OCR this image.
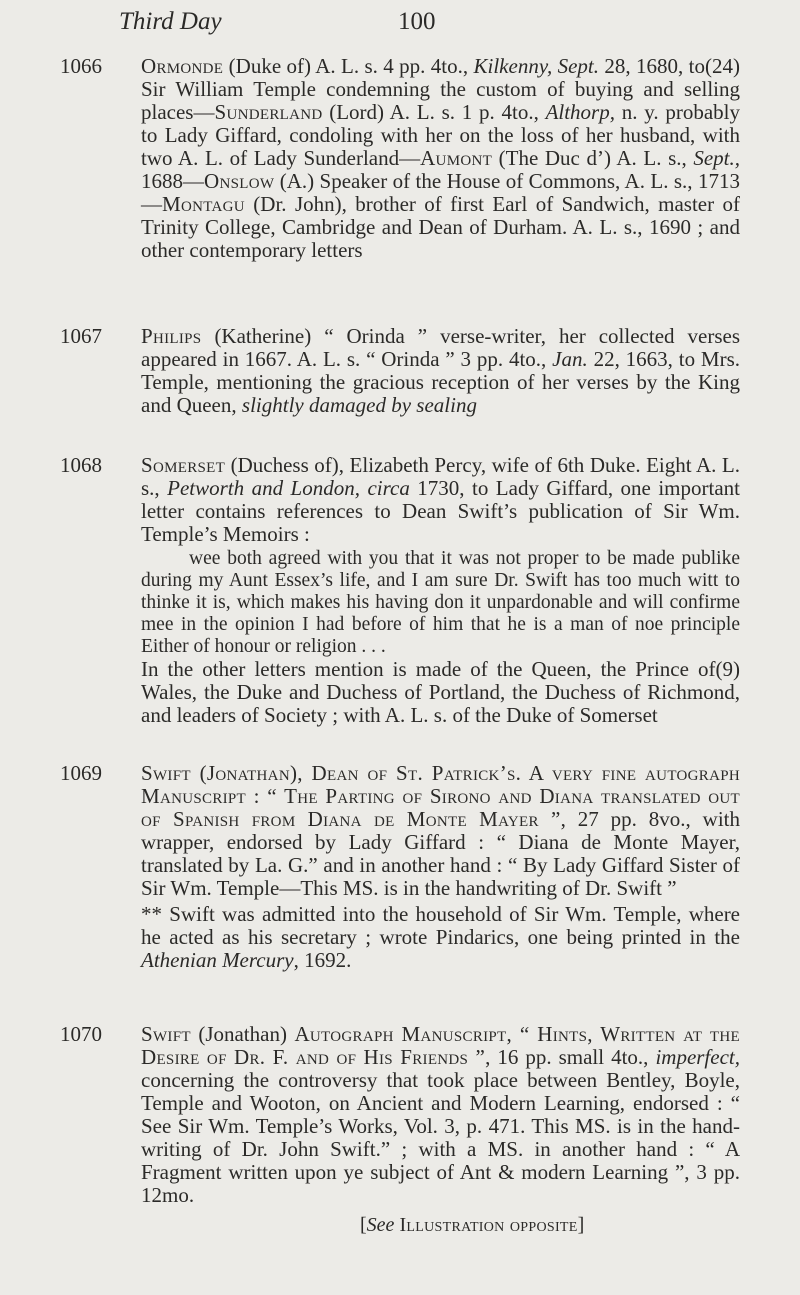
Third Day	100
1066	(24)
Ormonde (Duke of) A. L. s. 4 pp. 4to., Kilkenny, Sept. 28, 1680, to Sir William Temple condemning the custom of buying and selling places—Sunderland (Lord) A. L. s. 1 p. 4to., Althorp, n. y. probably to Lady Giffard, condoling with her on the loss of her husband, with two A. L. of Lady Sunderland—Aumont (The Duc d’) A. L. s., Sept., 1688—Onslow (A.) Speaker of the House of Commons, A. L. s., 1713—Montagu (Dr. John), brother of first Earl of Sandwich, master of Trinity College, Cambridge and Dean of Durham. A. L. s., 1690 ; and other contemporary letters

1067 Philips (Katherine) “ Orinda ” verse-writer, her collected verses appeared in 1667. A. L. s. “ Orinda ” 3 pp. 4to., Jan. 22, 1663, to Mrs. Temple, mentioning the gracious reception of her verses by the King and Queen, slightly damaged by sealing

1068 Somerset (Duchess of), Elizabeth Percy, wife of 6th Duke. Eight A. L. s., Petworth and London, circa 1730, to Lady Giffard, one important letter contains references to Dean Swift’s publication of Sir Wm. Temple’s Memoirs :

wee both agreed with you that it was not proper to be made publike during my Aunt Essex’s life, and I am sure Dr. Swift has too much witt to thinke it is, which makes his having don it unpardonable and will confirme mee in the opinion I had before of him that he is a man of noe principle Either of honour or religion . . .

(9)
In the other letters mention is made of the Queen, the Prince of Wales, the Duke and Duchess of Portland, the Duchess of Richmond, and leaders of Society ; with A. L. s. of the Duke of Somerset

1069 Swift (Jonathan), Dean of St. Patrick’s. A very fine autograph Manuscript : “ The Parting of Sirono and Diana translated out of Spanish from Diana de Monte Mayer ”, 27 pp. 8vo., with wrapper, endorsed by Lady Giffard : “ Diana de Monte Mayer, translated by La. G.” and in another hand : “ By Lady Giffard Sister of Sir Wm. Temple—This MS. is in the handwriting of Dr. Swift ”

** Swift was admitted into the household of Sir Wm. Temple, where he acted as his secretary ; wrote Pindarics, one being printed in the Athenian Mercury, 1692.

1070 Swift (Jonathan) Autograph Manuscript, “ Hints, Written at the Desire of Dr. F. and of His Friends ”, 16 pp. small 4to., imperfect, concerning the controversy that took place between Bentley, Boyle, Temple and Wooton, on Ancient and Modern Learning, endorsed : “ See Sir Wm. Temple’s Works, Vol. 3, p. 471. This MS. is in the hand-writing of Dr. John Swift.” ; with a MS. in another hand : “ A Fragment written upon ye subject of Ant & modern Learning ”, 3 pp. 12mo.

[See Illustration opposite]
